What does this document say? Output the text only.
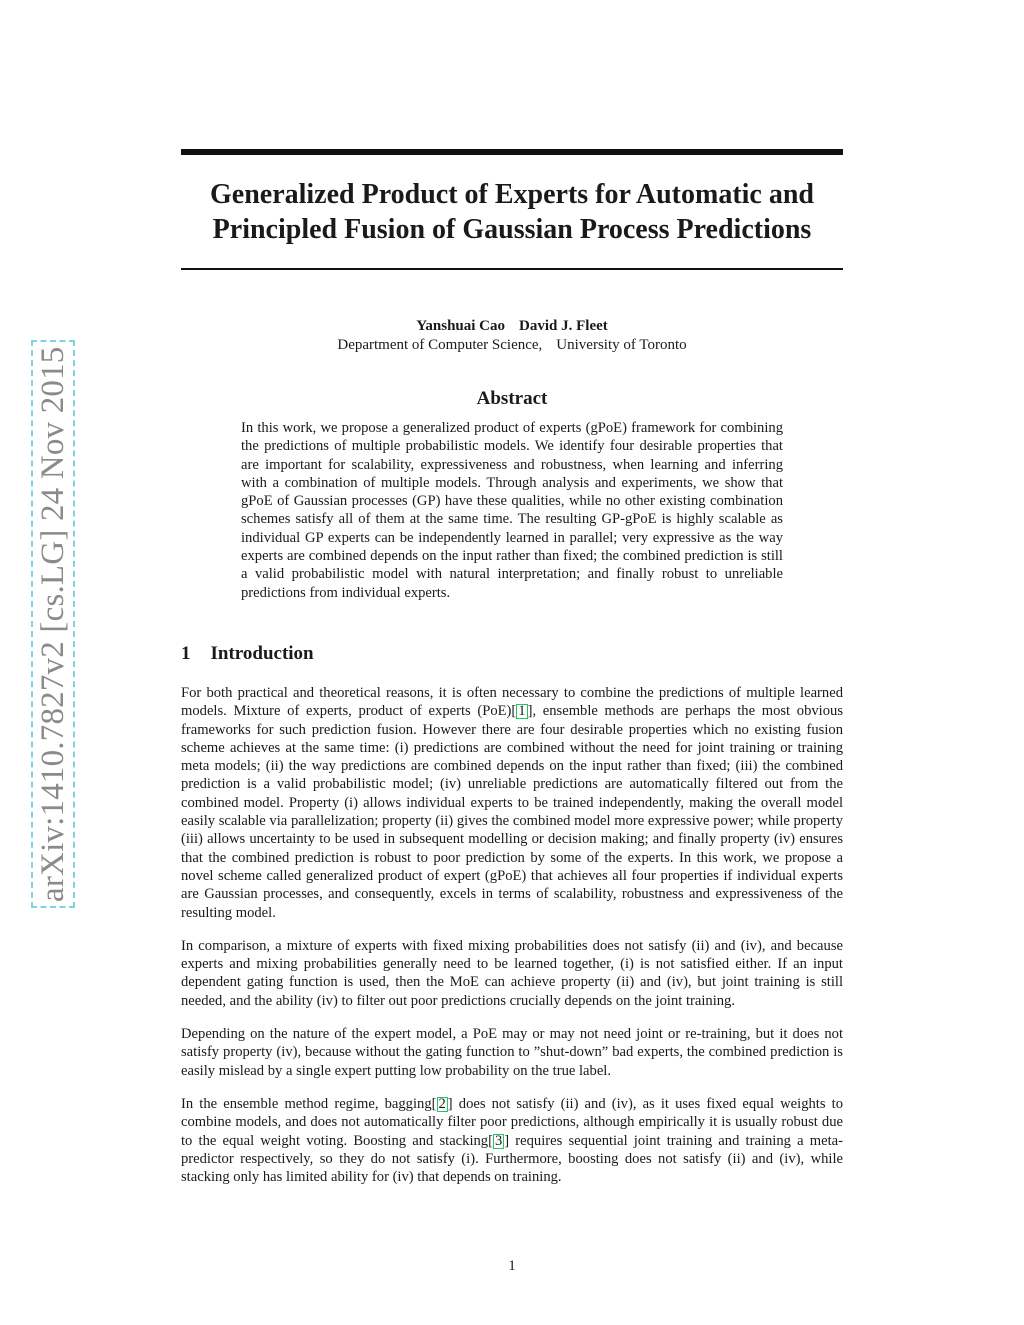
arXiv:1410.7827v2 [cs.LG] 24 Nov 2015
Generalized Product of Experts for Automatic and Principled Fusion of Gaussian Process Predictions
Yanshuai Cao David J. Fleet
Department of Computer Science, University of Toronto
Abstract

In this work, we propose a generalized product of experts (gPoE) framework for combining the predictions of multiple probabilistic models. We identify four desirable properties that are important for scalability, expressiveness and robustness, when learning and inferring with a combination of multiple models. Through analysis and experiments, we show that gPoE of Gaussian processes (GP) have these qualities, while no other existing combination schemes satisfy all of them at the same time. The resulting GP-gPoE is highly scalable as individual GP experts can be independently learned in parallel; very expressive as the way experts are combined depends on the input rather than fixed; the combined prediction is still a valid probabilistic model with natural interpretation; and finally robust to unreliable predictions from individual experts.

1 Introduction

For both practical and theoretical reasons, it is often necessary to combine the predictions of multiple learned models. Mixture of experts, product of experts (PoE)[ 1 ], ensemble methods are perhaps the most obvious frameworks for such prediction fusion. However there are four desirable properties which no existing fusion scheme achieves at the same time: (i) predictions are combined without the need for joint training or training meta models; (ii) the way predictions are combined depends on the input rather than fixed; (iii) the combined prediction is a valid probabilistic model; (iv) unreliable predictions are automatically filtered out from the combined model. Property (i) allows individual experts to be trained independently, making the overall model easily scalable via parallelization; property (ii) gives the combined model more expressive power; while property (iii) allows uncertainty to be used in subsequent modelling or decision making; and finally property (iv) ensures that the combined prediction is robust to poor prediction by some of the experts. In this work, we propose a novel scheme called generalized product of expert (gPoE) that achieves all four properties if individual experts are Gaussian processes, and consequently, excels in terms of scalability, robustness and expressiveness of the resulting model.

In comparison, a mixture of experts with fixed mixing probabilities does not satisfy (ii) and (iv), and because experts and mixing probabilities generally need to be learned together, (i) is not satisfied either. If an input dependent gating function is used, then the MoE can achieve property (ii) and (iv), but joint training is still needed, and the ability (iv) to filter out poor predictions crucially depends on the joint training.

Depending on the nature of the expert model, a PoE may or may not need joint or re-training, but it does not satisfy property (iv), because without the gating function to ”shut-down” bad experts, the combined prediction is easily mislead by a single expert putting low probability on the true label.

In the ensemble method regime, bagging[ 2 ] does not satisfy (ii) and (iv), as it uses fixed equal weights to combine models, and does not automatically filter poor predictions, although empirically it is usually robust due to the equal weight voting. Boosting and stacking[ 3 ] requires sequential joint training and training a meta-predictor respectively, so they do not satisfy (i). Furthermore, boosting does not satisfy (ii) and (iv), while stacking only has limited ability for (iv) that depends on training.

1
